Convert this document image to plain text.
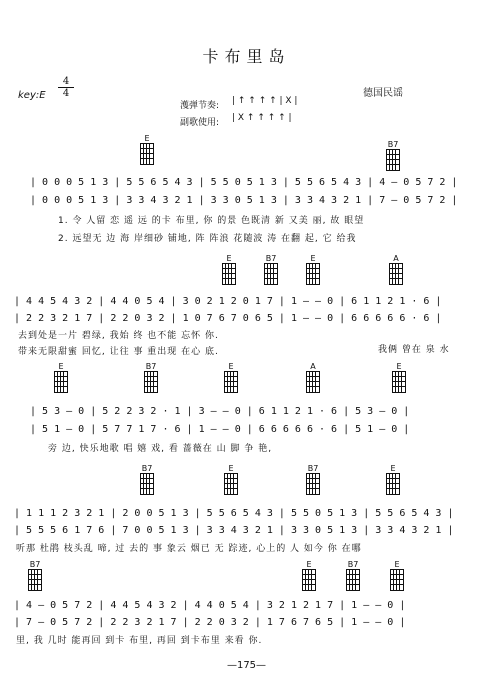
卡布里岛
key:E
4
4	德国民谣
濩弹节奏: | ↑ ↑ ↑ ↑ | X |
副歌使用: | X ↑ ↑ ↑ ↑ |
E
B7
| 0 0 0 5 1 3 | 5 5 6 5 4 3 | 5 5 0 5 1 3 | 5 5 6 5 4 3 | 4 — 0 5 7 2 |
| 0 0 0 5 1 3 | 3 3 4 3 2 1 | 3 3 0 5 1 3 | 3 3 4 3 2 1 | 7 — 0 5 7 2 |
1. 令 人留 恋 遥 远 的卡 布里, 你 的景 色既清 新 又美 丽, 故 眼望
2. 远望无 边 海 岸细砂 铺地, 阵 阵浪 花随波 涛 在翻 起, 它 给我
E	B7	E	A
| 4 4 5 4 3 2 | 4 4 0 5 4 | 3 0 2 1 2 0 1 7 | 1 — — 0 | 6 1 1 2 1 · 6 |
| 2 2 3 2 1 7 | 2 2 0 3 2 | 1 0 7 6 7 0 6 5 | 1 — — 0 | 6 6 6 6 6 · 6 |
去到处是一片 碧绿, 我始 终 也不能 忘怀 你.
带来无限甜蜜 回忆, 让往 事 重出现 在心 底.	我俩 曾在 泉 水
E	B7	E	A	E
| 5 3 — 0 | 5 2 2 3 2 · 1 | 3 — — 0 | 6 1 1 2 1 · 6 | 5 3 — 0 |
| 5 1 — 0 | 5 7 7 1 7 · 6 | 1 — — 0 | 6 6 6 6 6 · 6 | 5 1 — 0 |
旁 边, 快乐地歌 唱 嬉 戏, 看 蔷薇在 山 脚 争 艳,
B7	E	B7	E
| 1 1 1 2 3 2 1 | 2 0 0 5 1 3 | 5 5 6 5 4 3 | 5 5 0 5 1 3 | 5 5 6 5 4 3 |
| 5 5 5 6 1 7 6 | 7 0 0 5 1 3 | 3 3 4 3 2 1 | 3 3 0 5 1 3 | 3 3 4 3 2 1 |
听那 杜鹃 枝头乱 啼, 过 去的 事 象云 烟已 无 踪迹, 心上的 人 如今 你 在哪
B7	E	B7	E
| 4 — 0 5 7 2 | 4 4 5 4 3 2 | 4 4 0 5 4 | 3 2 1 2 1 7 | 1 — — 0 |
| 7 — 0 5 7 2 | 2 2 3 2 1 7 | 2 2 0 3 2 | 1 7 6 7 6 5 | 1 — — 0 |
里, 我 几时 能再回 到卡 布里, 再回 到卡布里 来看 你.
—175—
